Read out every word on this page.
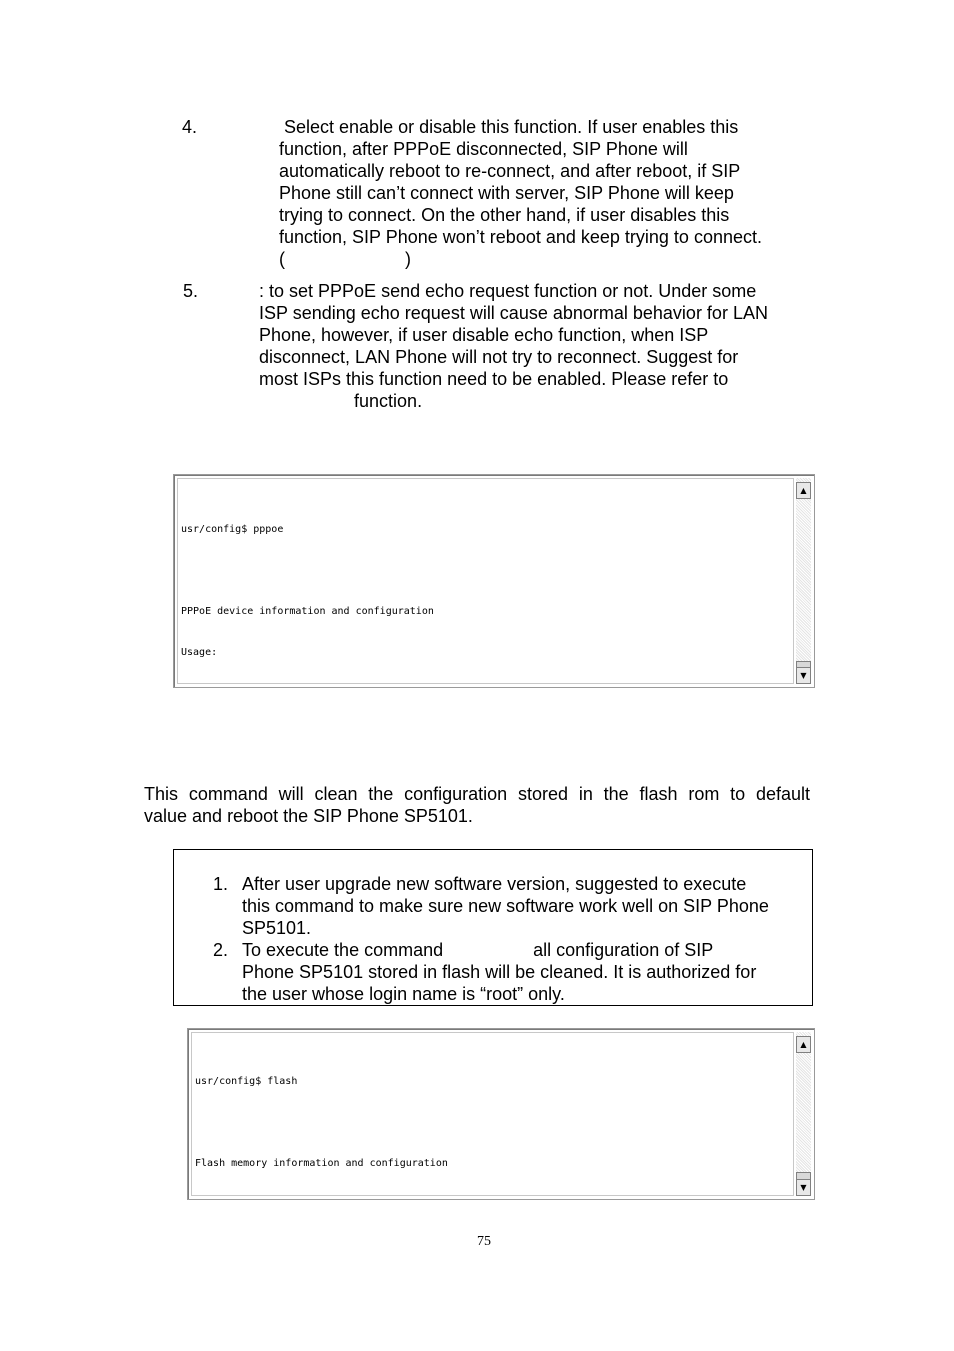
4.	Select enable or disable this function. If user enables this
function, after PPPoE disconnected, SIP Phone will
automatically reboot to re-connect, and after reboot, if SIP
Phone still can’t connect with server, SIP Phone will keep
trying to connect. On the other hand, if user disables this
function, SIP Phone won’t reboot and keep trying to connect.
(                        )
5.	: to set PPPoE send echo request function or not. Under some
ISP sending echo request will cause abnormal behavior for LAN
Phone, however, if user disable echo function, when ISP
disconnect, LAN Phone will not try to reconnect. Suggest for
most ISPs this function need to be enabled. Please refer to
function.

usr/config$ pppoe

PPPoE device information and configuration

Usage:

▲
▼
This command will clean the configuration stored in the flash rom to default
value and reboot the SIP Phone SP5101.
1. After user upgrade new software version, suggested to execute
this command to make sure new software work well on SIP Phone
SP5101.
2. To execute the command                  all configuration of SIP
Phone SP5101 stored in flash will be cleaned. It is authorized for
the user whose login name is “root” only.

usr/config$ flash

Flash memory information and configuration

▲
▼
75
